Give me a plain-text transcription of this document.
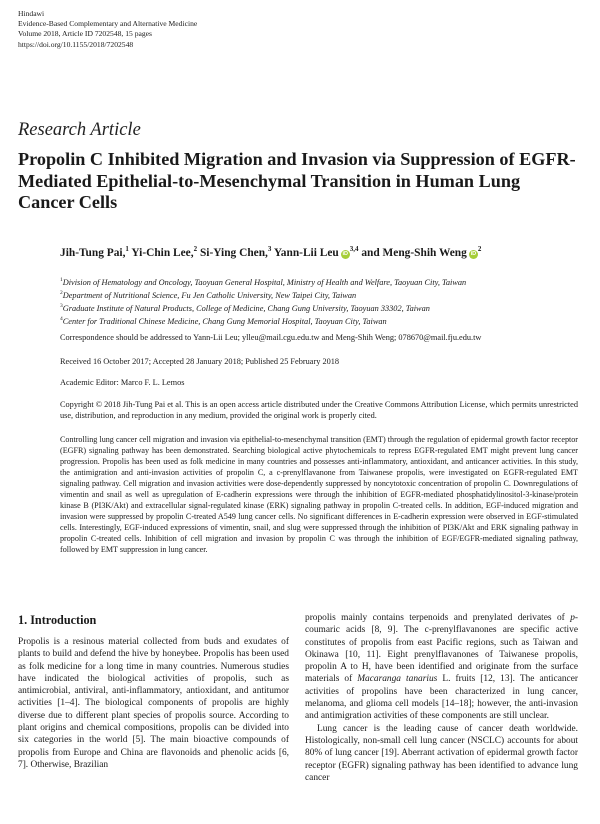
Hindawi
Evidence-Based Complementary and Alternative Medicine
Volume 2018, Article ID 7202548, 15 pages
https://doi.org/10.1155/2018/7202548
Research Article
Propolin C Inhibited Migration and Invasion via Suppression of EGFR-Mediated Epithelial-to-Mesenchymal Transition in Human Lung Cancer Cells
Jih-Tung Pai,$^1$ Yi-Chin Lee,$^2$ Si-Ying Chen,$^3$ Yann-Lii Leu iD$^{3,4}$ and Meng-Shih Weng $iD^2$
$^1$Division of Hematology and Oncology, Taoyuan General Hospital, Ministry of Health and Welfare, Taoyuan City, Taiwan
$^2$Department of Nutritional Science, Fu Jen Catholic University, New Taipei City, Taiwan
$^3$Graduate Institute of Natural Products, College of Medicine, Chang Gung University, Taoyuan 33302, Taiwan
$^4$Center for Traditional Chinese Medicine, Chang Gung Memorial Hospital, Taoyuan City, Taiwan
Correspondence should be addressed to Yann-Lii Leu; ylleu@mail.cgu.edu.tw and Meng-Shih Weng; 078670@mail.fju.edu.tw
Received 16 October 2017; Accepted 28 January 2018; Published 25 February 2018
Academic Editor: Marco F. L. Lemos
Copyright © 2018 Jih-Tung Pai et al. This is an open access article distributed under the Creative Commons Attribution License, which permits unrestricted use, distribution, and reproduction in any medium, provided the original work is properly cited.
Controlling lung cancer cell migration and invasion via epithelial-to-mesenchymal transition (EMT) through the regulation of epidermal growth factor receptor (EGFR) signaling pathway has been demonstrated. Searching biological active phytochemicals to repress EGFR-regulated EMT might prevent lung cancer progression. Propolis has been used as folk medicine in many countries and possesses anti-inflammatory, antioxidant, and anticancer activities. In this study, the antimigration and anti-invasion activities of propolin C, a c-prenylflavanone from Taiwanese propolis, were investigated on EGFR-regulated EMT signaling pathway. Cell migration and invasion activities were dose-dependently suppressed by noncytotoxic concentration of propolin C. Downregulations of vimentin and snail as well as upregulation of E-cadherin expressions were through the inhibition of EGFR-mediated phosphatidylinositol-3-kinase/protein kinase B (PI3K/Akt) and extracellular signal-regulated kinase (ERK) signaling pathway in propolin C-treated cells. In addition, EGF-induced migration and invasion were suppressed by propolin C-treated A549 lung cancer cells. No significant differences in E-cadherin expression were observed in EGF-stimulated cells. Interestingly, EGF-induced expressions of vimentin, snail, and slug were suppressed through the inhibition of PI3K/Akt and ERK signaling pathway in propolin C-treated cells. Inhibition of cell migration and invasion by propolin C was through the inhibition of EGF/EGFR-mediated signaling pathway, followed by EMT suppression in lung cancer.
1. Introduction

Propolis is a resinous material collected from buds and exudates of plants to build and defend the hive by honeybee. Propolis has been used as folk medicine for a long time in many countries. Numerous studies have indicated the biological activities of propolis, such as antimicrobial, antiviral, anti-inflammatory, antioxidant, and antitumor activities [1–4]. The biological components of propolis are highly diverse due to different plant species of propolis source. According to plant origins and chemical compositions, propolis can be divided into six categories in the world [5]. The main bioactive compounds of propolis from Europe and China are flavonoids and phenolic acids [6, 7]. Otherwise, Brazilian

propolis mainly contains terpenoids and prenylated derivates of p-coumaric acids [8, 9]. The c-prenylflavanones are specific active constitutes of propolis from east Pacific regions, such as Taiwan and Okinawa [10, 11]. Eight prenylflavanones of Taiwanese propolis, propolin A to H, have been identified and originate from the surface materials of Macaranga tanarius L. fruits [12, 13]. The anticancer activities of propolins have been characterized in lung cancer, melanoma, and glioma cell models [14–18]; however, the anti-invasion and antimigration activities of these components are still unclear.

Lung cancer is the leading cause of cancer death worldwide. Histologically, non-small cell lung cancer (NSCLC) accounts for about 80% of lung cancer [19]. Aberrant activation of epidermal growth factor receptor (EGFR) signaling pathway has been identified to advance lung cancer
